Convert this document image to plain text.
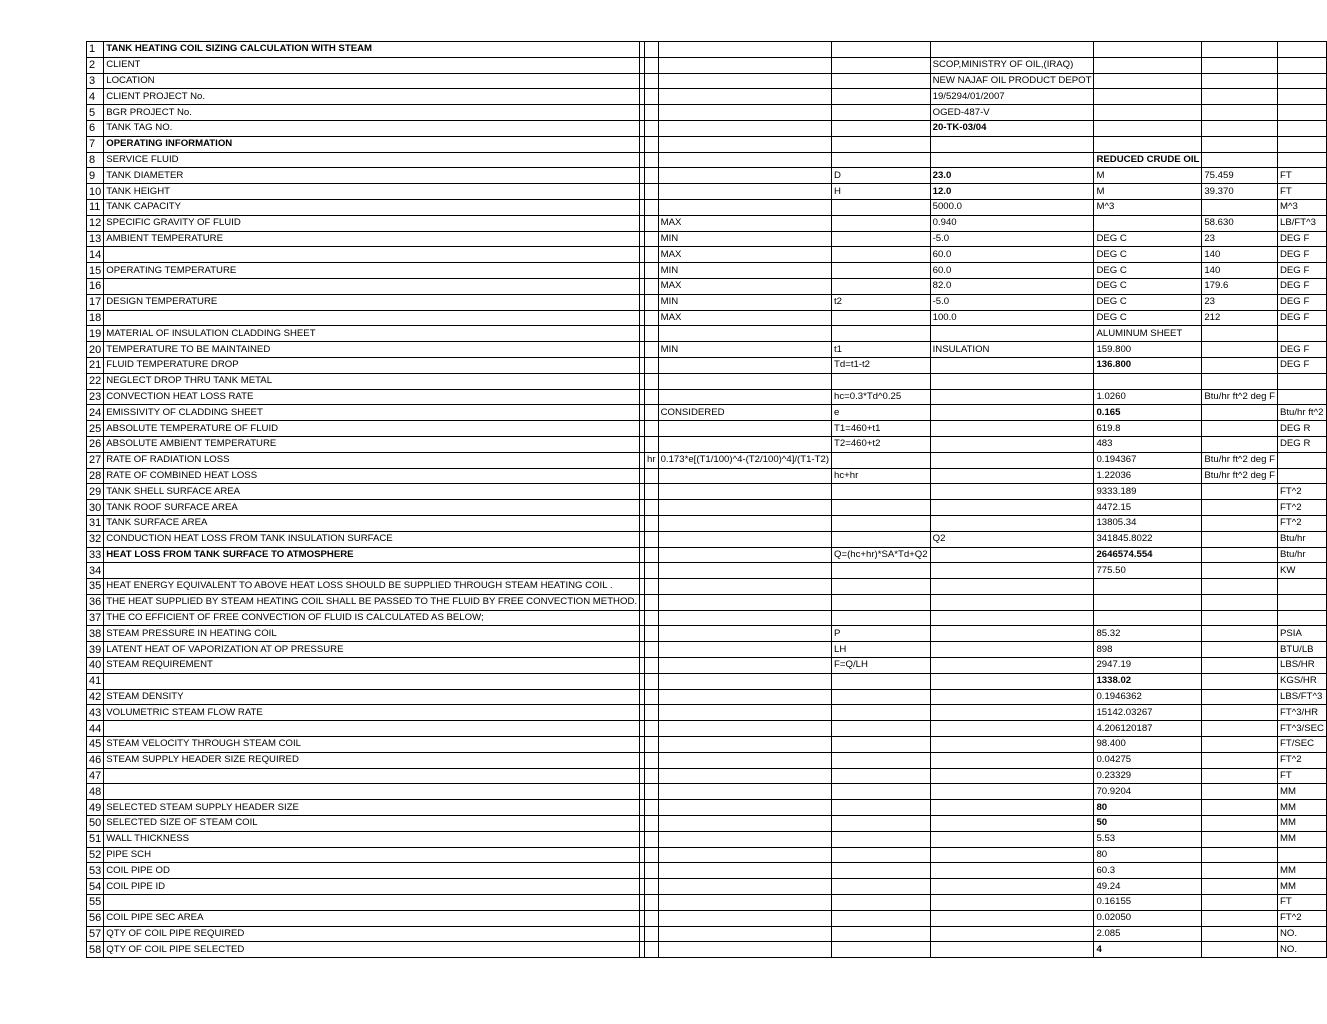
1	TANK HEATING COIL SIZING CALCULATION WITH STEAM								
2	CLIENT					SCOP,MINISTRY OF OIL,(IRAQ)			
3	LOCATION					NEW NAJAF OIL PRODUCT DEPOT			
4	CLIENT PROJECT No.					19/5294/01/2007			
5	BGR PROJECT No.					OGED-487-V			
6	TANK TAG NO.					20-TK-03/04			
7	OPERATING INFORMATION								
8	SERVICE FLUID						REDUCED CRUDE OIL		
9	TANK DIAMETER				D	23.0	M	75.459	FT
10	TANK HEIGHT				H	12.0	M	39.370	FT
11	TANK CAPACITY					5000.0	M^3		M^3
12	SPECIFIC GRAVITY OF FLUID			MAX		0.940		58.630	LB/FT^3
13	AMBIENT TEMPERATURE			MIN		-5.0	DEG C	23	DEG F
14				MAX		60.0	DEG C	140	DEG F
15	OPERATING TEMPERATURE			MIN		60.0	DEG C	140	DEG F
16				MAX		82.0	DEG C	179.6	DEG F
17	DESIGN TEMPERATURE			MIN	t2	-5.0	DEG C	23	DEG F
18				MAX		100.0	DEG C	212	DEG F
19	MATERIAL OF INSULATION CLADDING SHEET						ALUMINUM SHEET		
20	TEMPERATURE TO BE MAINTAINED			MIN	t1	INSULATION	159.800		DEG F
21	FLUID TEMPERATURE DROP				Td=t1-t2		136.800		DEG F
22	NEGLECT DROP THRU TANK METAL								
23	CONVECTION HEAT LOSS RATE				hc=0.3*Td^0.25		1.0260	Btu/hr ft^2 deg F	
24	EMISSIVITY OF CLADDING SHEET			CONSIDERED	e		0.165		Btu/hr ft^2
25	ABSOLUTE TEMPERATURE OF FLUID				T1=460+t1		619.8		DEG R
26	ABSOLUTE AMBIENT TEMPERATURE				T2=460+t2		483		DEG R
27	RATE OF RADIATION LOSS		hr	0.173*e[(T1/100)^4-(T2/100)^4]/(T1-T2)			0.194367	Btu/hr ft^2 deg F	
28	RATE OF COMBINED HEAT LOSS				hc+hr		1.22036	Btu/hr ft^2 deg F	
29	TANK SHELL SURFACE AREA						9333.189		FT^2
30	TANK ROOF SURFACE AREA						4472.15		FT^2
31	TANK SURFACE AREA						13805.34		FT^2
32	CONDUCTION HEAT LOSS FROM TANK INSULATION SURFACE					Q2	341845.8022		Btu/hr
33	HEAT LOSS FROM TANK SURFACE TO ATMOSPHERE				Q=(hc+hr)*SA*Td+Q2		2646574.554		Btu/hr
34							775.50		KW
35	HEAT ENERGY EQUIVALENT TO ABOVE HEAT LOSS SHOULD BE SUPPLIED THROUGH STEAM HEATING COIL .								
36	THE HEAT SUPPLIED BY STEAM HEATING COIL SHALL BE PASSED TO THE FLUID BY FREE CONVECTION METHOD.								
37	THE CO EFFICIENT OF FREE CONVECTION OF FLUID IS CALCULATED AS BELOW;								
38	STEAM PRESSURE IN HEATING COIL				P		85.32		PSIA
39	LATENT HEAT OF VAPORIZATION AT OP PRESSURE				LH		898		BTU/LB
40	STEAM REQUIREMENT				F=Q/LH		2947.19		LBS/HR
41							1338.02		KGS/HR
42	STEAM DENSITY						0.1946362		LBS/FT^3
43	VOLUMETRIC STEAM FLOW RATE						15142.03267		FT^3/HR
44							4.206120187		FT^3/SEC
45	STEAM VELOCITY THROUGH STEAM COIL						98.400		FT/SEC
46	STEAM SUPPLY HEADER SIZE REQUIRED						0.04275		FT^2
47							0.23329		FT
48							70.9204		MM
49	SELECTED STEAM SUPPLY HEADER SIZE						80		MM
50	SELECTED SIZE OF STEAM COIL						50		MM
51	WALL THICKNESS						5.53		MM
52	PIPE SCH						80		
53	COIL PIPE OD						60.3		MM
54	COIL PIPE ID						49.24		MM
55							0.16155		FT
56	COIL PIPE SEC AREA						0.02050		FT^2
57	QTY OF COIL PIPE REQUIRED						2.085		NO.
58	QTY OF COIL PIPE SELECTED						4		NO.
